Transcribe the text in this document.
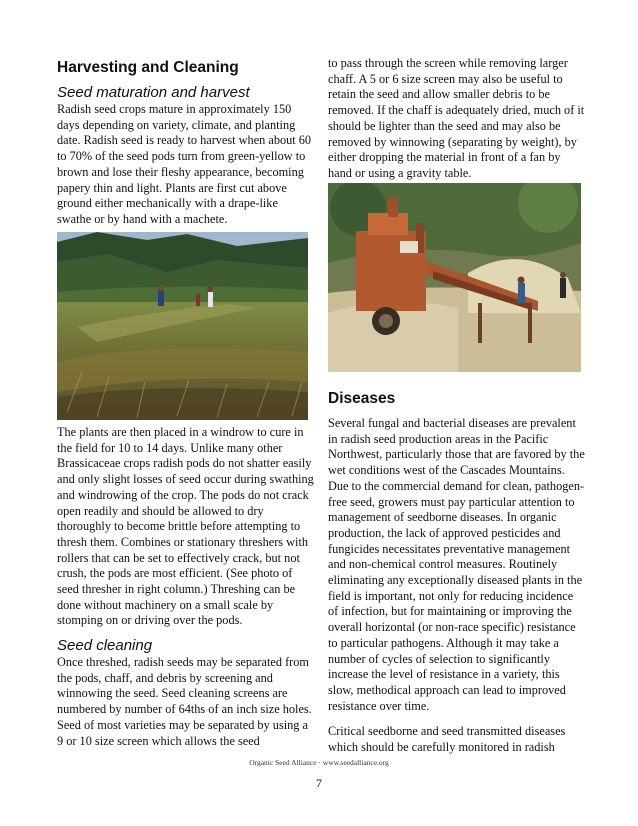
Harvesting and Cleaning
Seed maturation and harvest

Radish seed crops mature in approximately 150 days depending on variety, climate, and planting date. Radish seed is ready to harvest when about 60 to 70% of the seed pods turn from green-yellow to brown and lose their fleshy appearance, becoming papery thin and light. Plants are first cut above ground either mechanically with a drape-like swathe or by hand with a machete.

The plants are then placed in a windrow to cure in the field for 10 to 14 days. Unlike many other Brassicaceae crops radish pods do not shatter easily and only slight losses of seed occur during swathing and windrowing of the crop. The pods do not crack open readily and should be allowed to dry thoroughly to become brittle before attempting to thresh them. Combines or stationary threshers with rollers that can be set to effectively crack, but not crush, the pods are most efficient. (See photo of seed thresher in right column.) Threshing can be done without machinery on a small scale by stomping on or driving over the pods.

Seed cleaning

Once threshed, radish seeds may be separated from the pods, chaff, and debris by screening and winnowing the seed. Seed cleaning screens are numbered by number of 64ths of an inch size holes. Seed of most varieties may be separated by using a 9 or 10 size screen which allows the seed

to pass through the screen while removing larger chaff. A 5 or 6 size screen may also be useful to retain the seed and allow smaller debris to be removed. If the chaff is adequately dried, much of it should be lighter than the seed and may also be removed by winnowing (separating by weight), by either dropping the material in front of a fan by hand or using a gravity table.

Diseases

Several fungal and bacterial diseases are prevalent in radish seed production areas in the Pacific Northwest, particularly those that are favored by the wet conditions west of the Cascades Mountains. Due to the commercial demand for clean, pathogen-free seed, growers must pay particular attention to management of seedborne diseases. In organic production, the lack of approved pesticides and fungicides necessitates preventative management and non-chemical control measures. Routinely eliminating any exceptionally diseased plants in the field is important, not only for reducing incidence of infection, but for maintaining or improving the overall horizontal (or non-race specific) resistance to particular pathogens. Although it may take a number of cycles of selection to significantly increase the level of resistance in a variety, this slow, methodical approach can lead to improved resistance over time.

Critical seedborne and seed transmitted diseases which should be carefully monitored in radish

Organic Seed Alliance · www.seedalliance.org
7
